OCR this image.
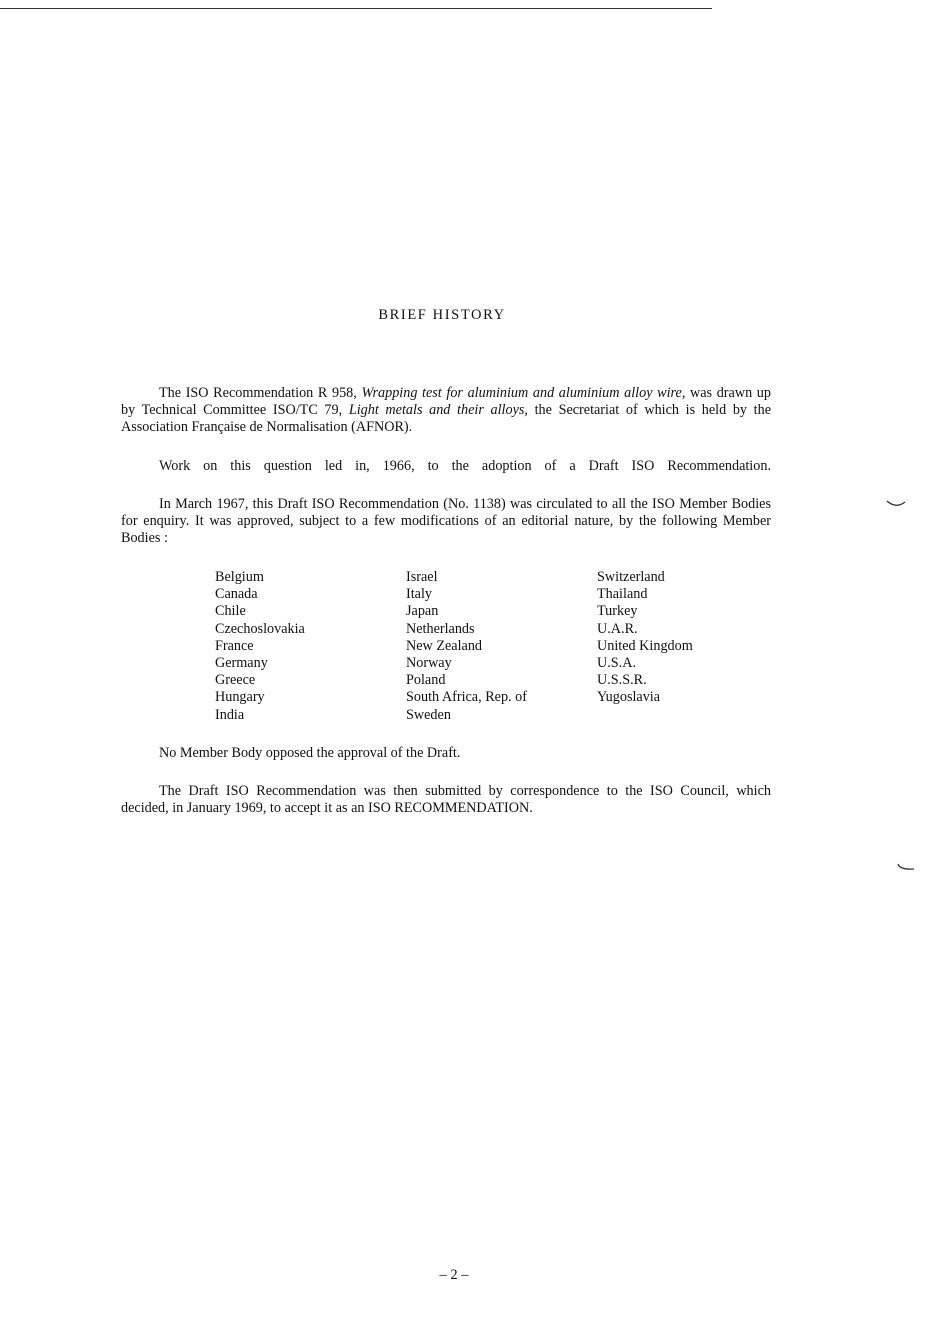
BRIEF HISTORY
The ISO Recommendation R 958, Wrapping test for aluminium and aluminium alloy wire, was drawn up by Technical Committee ISO/TC 79, Light metals and their alloys, the Secretariat of which is held by the Association Française de Normalisation (AFNOR).
Work on this question led in, 1966, to the adoption of a Draft ISO Recommendation.
In March 1967, this Draft ISO Recommendation (No. 1138) was circulated to all the ISO Member Bodies for enquiry. It was approved, subject to a few modifications of an editorial nature, by the following Member Bodies :
Belgium
Canada
Chile
Czechoslovakia
France
Germany
Greece
Hungary
India
Israel
Italy
Japan
Netherlands
New Zealand
Norway
Poland
South Africa, Rep. of
Sweden
Switzerland
Thailand
Turkey
U.A.R.
United Kingdom
U.S.A.
U.S.S.R.
Yugoslavia
No Member Body opposed the approval of the Draft.
The Draft ISO Recommendation was then submitted by correspondence to the ISO Council, which decided, in January 1969, to accept it as an ISO RECOMMENDATION.
– 2 –
